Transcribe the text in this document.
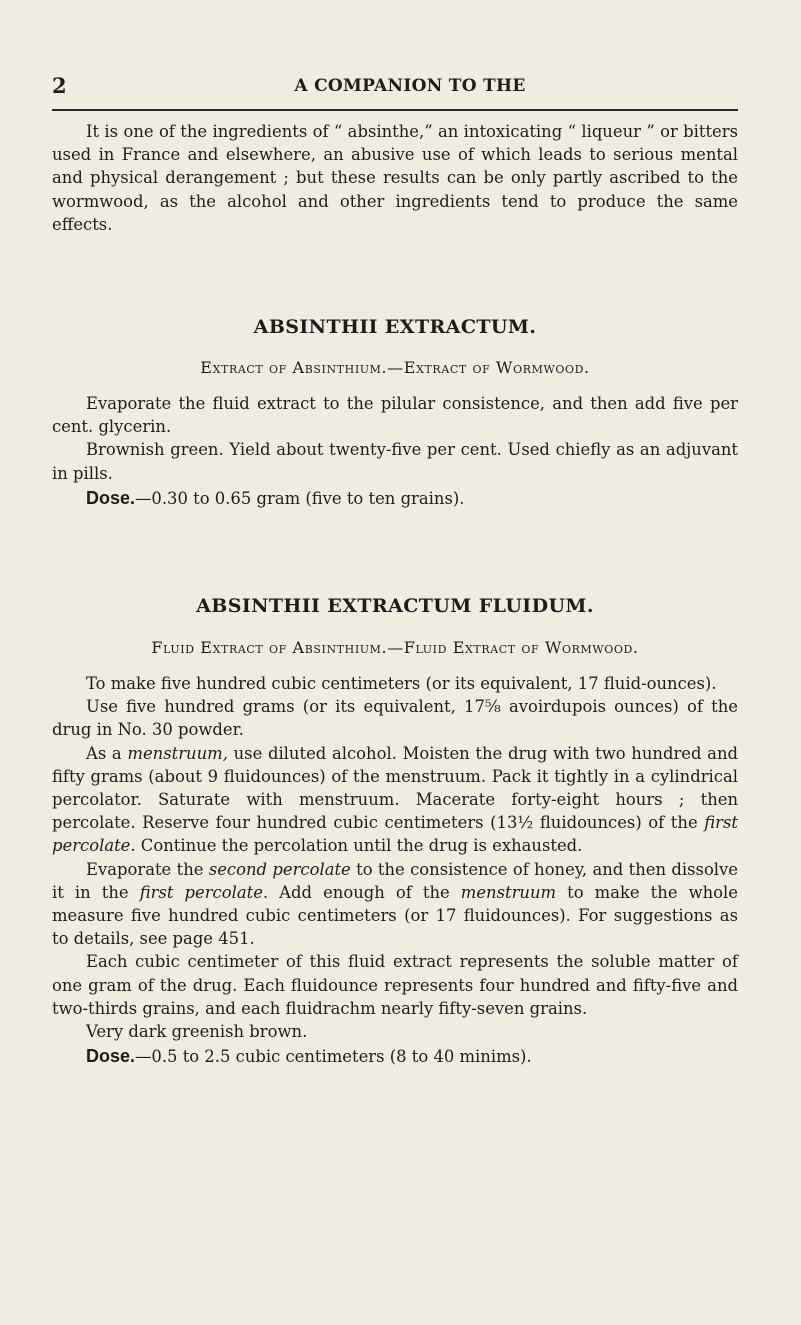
2	A COMPANION TO THE

It is one of the ingredients of “ absinthe,” an intoxicating “ liqueur ” or bitters used in France and elsewhere, an abusive use of which leads to serious mental and physical derangement ; but these results can be only partly ascribed to the wormwood, as the alcohol and other ingredients tend to produce the same effects.

ABSINTHII EXTRACTUM.
Extract of Absinthium.—Extract of Wormwood.

Evaporate the fluid extract to the pilular consistence, and then add five per cent. glycerin.

Brownish green. Yield about twenty-five per cent. Used chiefly as an adjuvant in pills.

Dose.—0.30 to 0.65 gram (five to ten grains).

ABSINTHII EXTRACTUM FLUIDUM.
Fluid Extract of Absinthium.—Fluid Extract of Wormwood.

To make five hundred cubic centimeters (or its equivalent, 17 fluid-ounces).

Use five hundred grams (or its equivalent, 17⅝ avoirdupois ounces) of the drug in No. 30 powder.

As a menstruum, use diluted alcohol. Moisten the drug with two hundred and fifty grams (about 9 fluidounces) of the menstruum. Pack it tightly in a cylindrical percolator. Saturate with menstruum. Macerate forty-eight hours ; then percolate. Reserve four hundred cubic centimeters (13½ fluidounces) of the first percolate. Continue the percolation until the drug is exhausted.

Evaporate the second percolate to the consistence of honey, and then dissolve it in the first percolate. Add enough of the menstruum to make the whole measure five hundred cubic centimeters (or 17 fluidounces). For suggestions as to details, see page 451.

Each cubic centimeter of this fluid extract represents the soluble matter of one gram of the drug. Each fluidounce represents four hundred and fifty-five and two-thirds grains, and each fluidrachm nearly fifty-seven grains.

Very dark greenish brown.

Dose.—0.5 to 2.5 cubic centimeters (8 to 40 minims).
